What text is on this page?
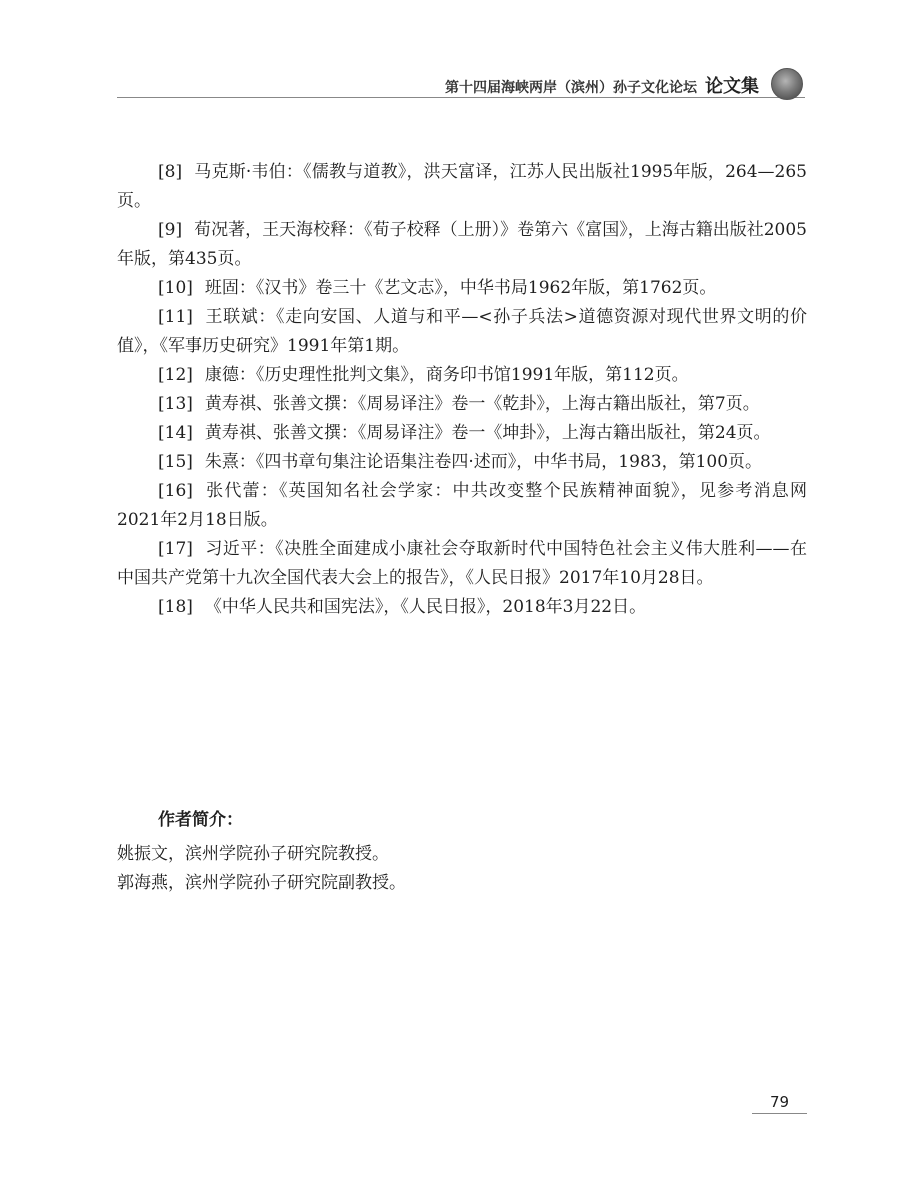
第十四届海峡两岸（滨州）孙子文化论坛 论文集

[8] 马克斯·韦伯：《儒教与道教》，洪天富译，江苏人民出版社1995年版，264—265页。

[9] 荀况著，王天海校释：《荀子校释（上册）》卷第六《富国》，上海古籍出版社2005年版，第435页。

[10] 班固：《汉书》卷三十《艺文志》，中华书局1962年版，第1762页。

[11] 王联斌：《走向安国、人道与和平—<孙子兵法>道德资源对现代世界文明的价值》，《军事历史研究》1991年第1期。

[12] 康德：《历史理性批判文集》，商务印书馆1991年版，第112页。

[13] 黄寿祺、张善文撰：《周易译注》卷一《乾卦》，上海古籍出版社，第7页。

[14] 黄寿祺、张善文撰：《周易译注》卷一《坤卦》，上海古籍出版社，第24页。

[15] 朱熹：《四书章句集注论语集注卷四·述而》，中华书局，1983，第100页。

[16] 张代蕾：《英国知名社会学家：中共改变整个民族精神面貌》，见参考消息网2021年2月18日版。

[17] 习近平：《决胜全面建成小康社会夺取新时代中国特色社会主义伟大胜利——在中国共产党第十九次全国代表大会上的报告》，《人民日报》2017年10月28日。

[18] 《中华人民共和国宪法》，《人民日报》，2018年3月22日。

作者简介：

姚振文，滨州学院孙子研究院教授。

郭海燕，滨州学院孙子研究院副教授。

79
